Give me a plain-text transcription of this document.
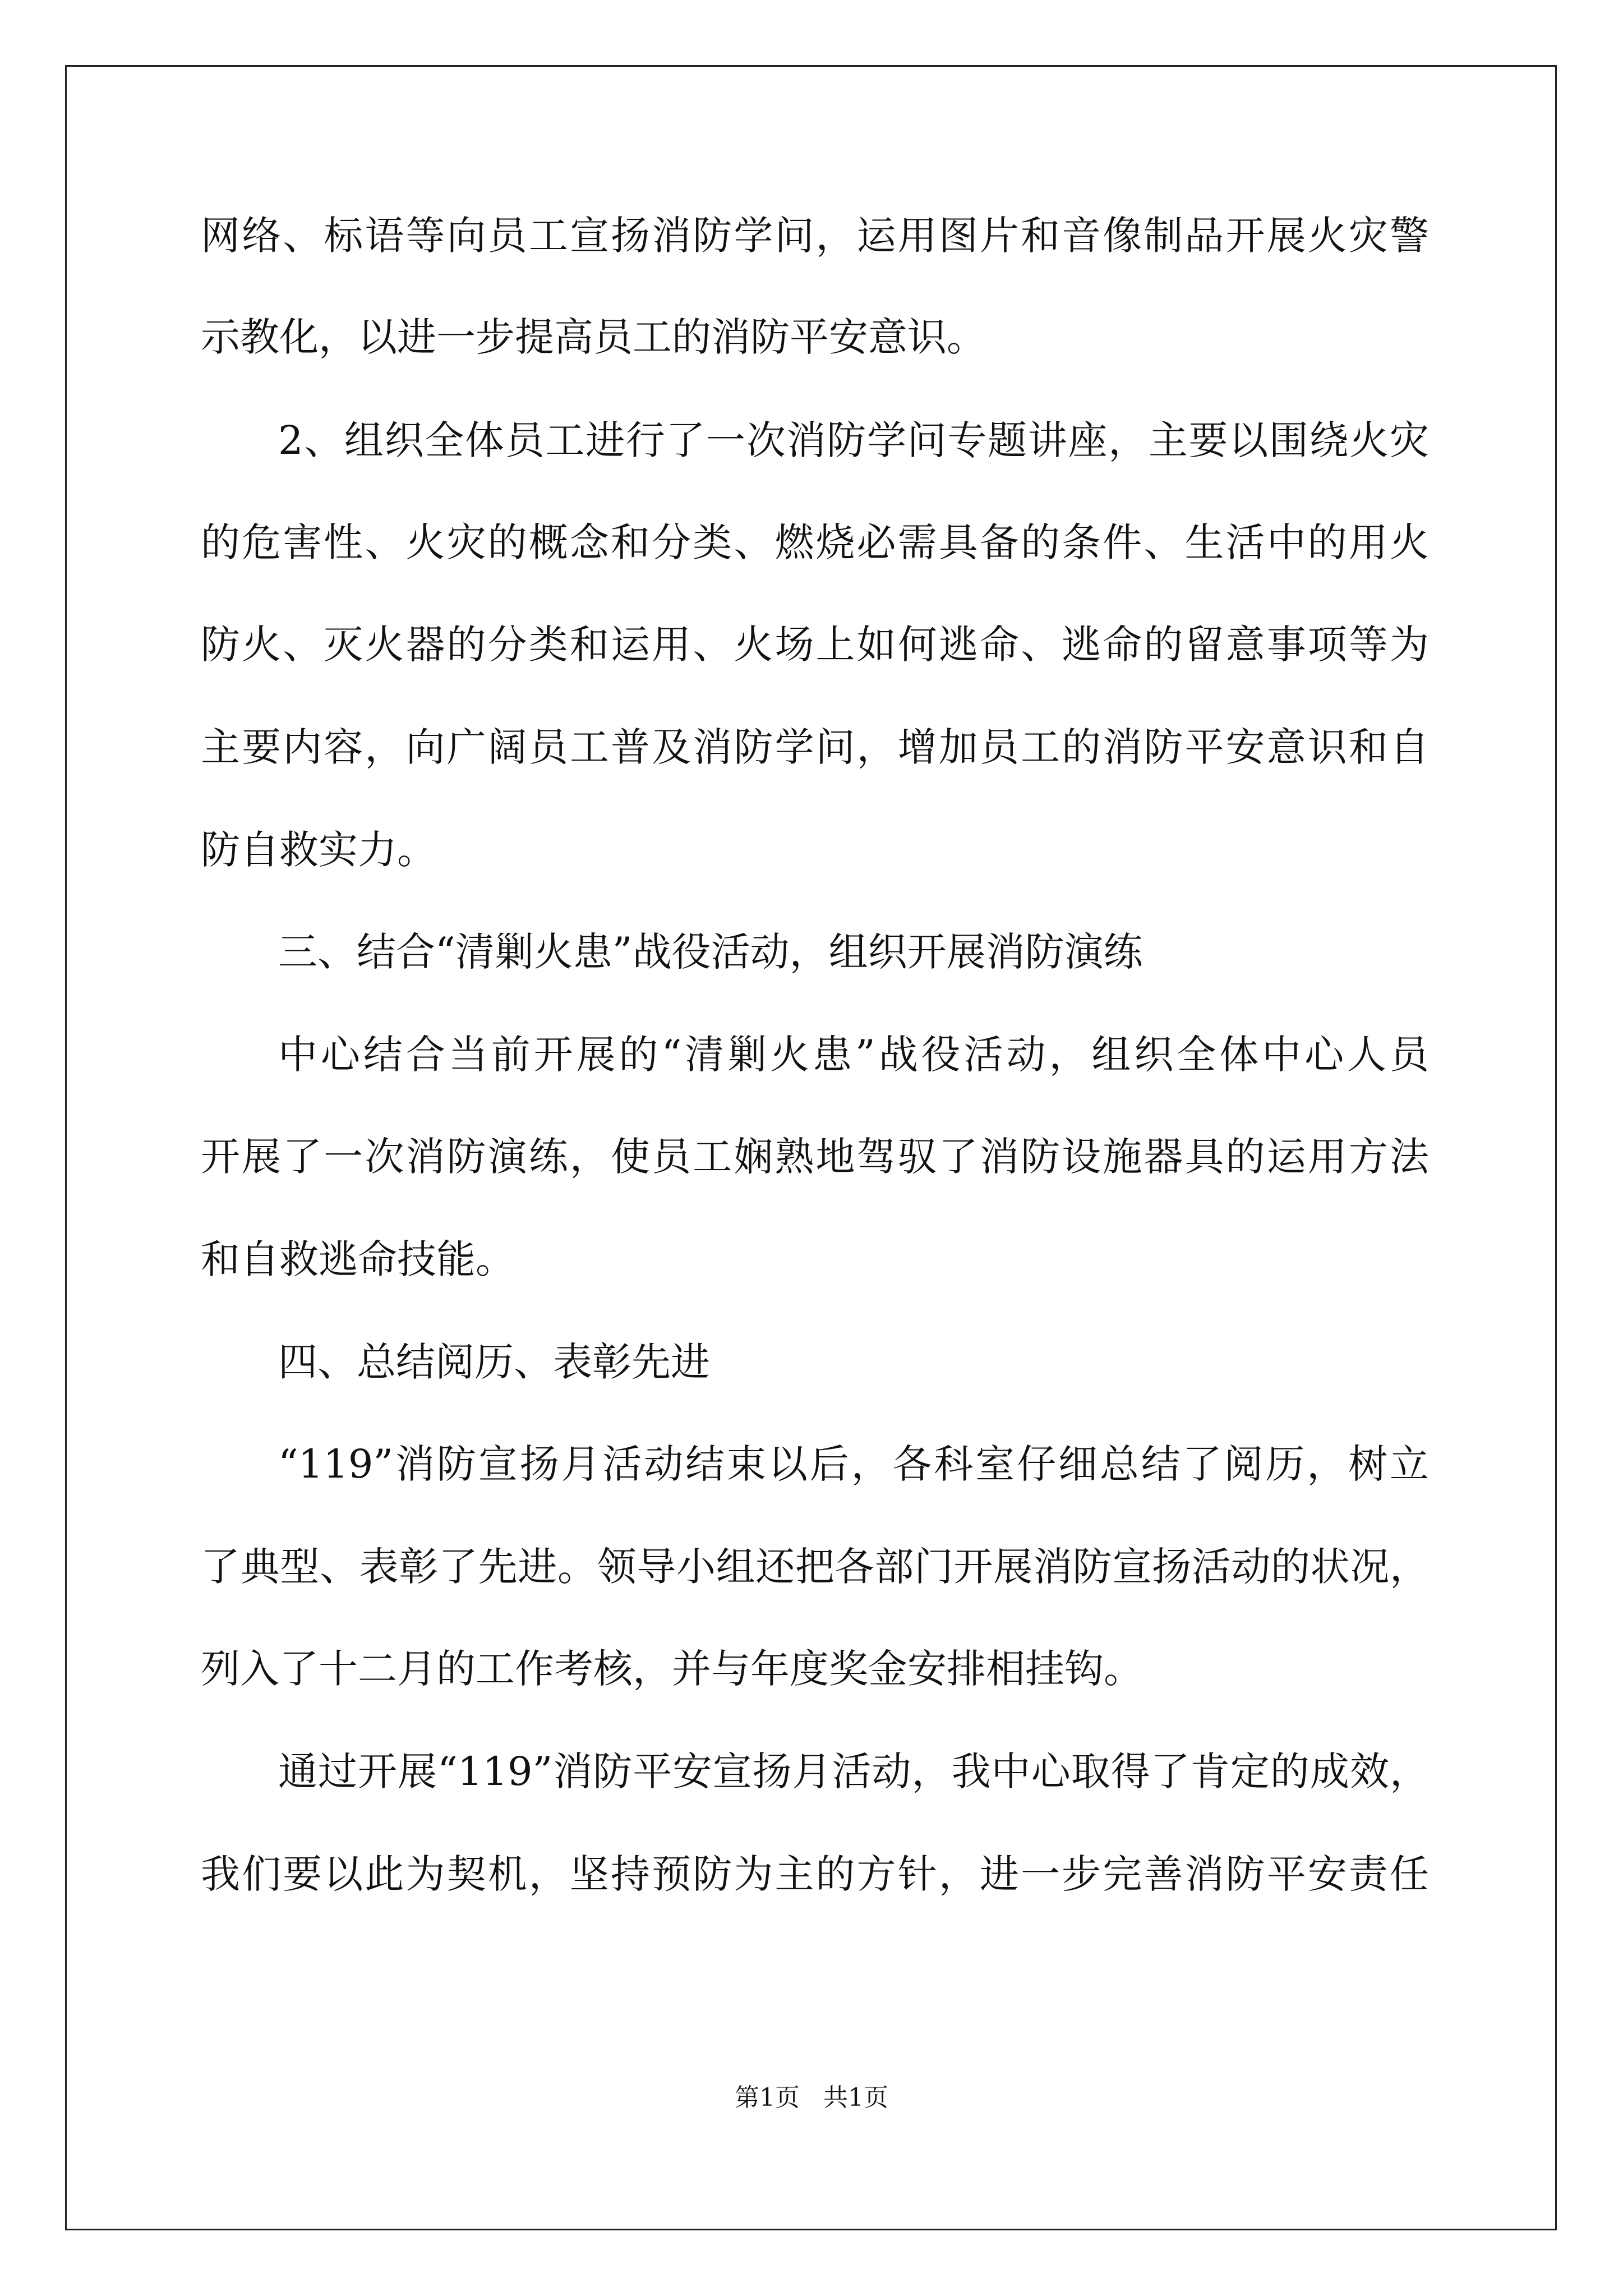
网络、标语等向员工宣扬消防学问，运用图片和音像制品开展火灾警
示教化，以进一步提高员工的消防平安意识。
2、组织全体员工进行了一次消防学问专题讲座，主要以围绕火灾
的危害性、火灾的概念和分类、燃烧必需具备的条件、生活中的用火
防火、灭火器的分类和运用、火场上如何逃命、逃命的留意事项等为
主要内容，向广阔员工普及消防学问，增加员工的消防平安意识和自
防自救实力。
三、结合“清剿火患”战役活动，组织开展消防演练
中心结合当前开展的“清剿火患”战役活动，组织全体中心人员
开展了一次消防演练，使员工娴熟地驾驭了消防设施器具的运用方法
和自救逃命技能。
四、总结阅历、表彰先进
“119”消防宣扬月活动结束以后，各科室仔细总结了阅历，树立
了典型、表彰了先进。领导小组还把各部门开展消防宣扬活动的状况，
列入了十二月的工作考核，并与年度奖金安排相挂钩。
通过开展“119”消防平安宣扬月活动，我中心取得了肯定的成效，
我们要以此为契机，坚持预防为主的方针，进一步完善消防平安责任
第1页   共1页
